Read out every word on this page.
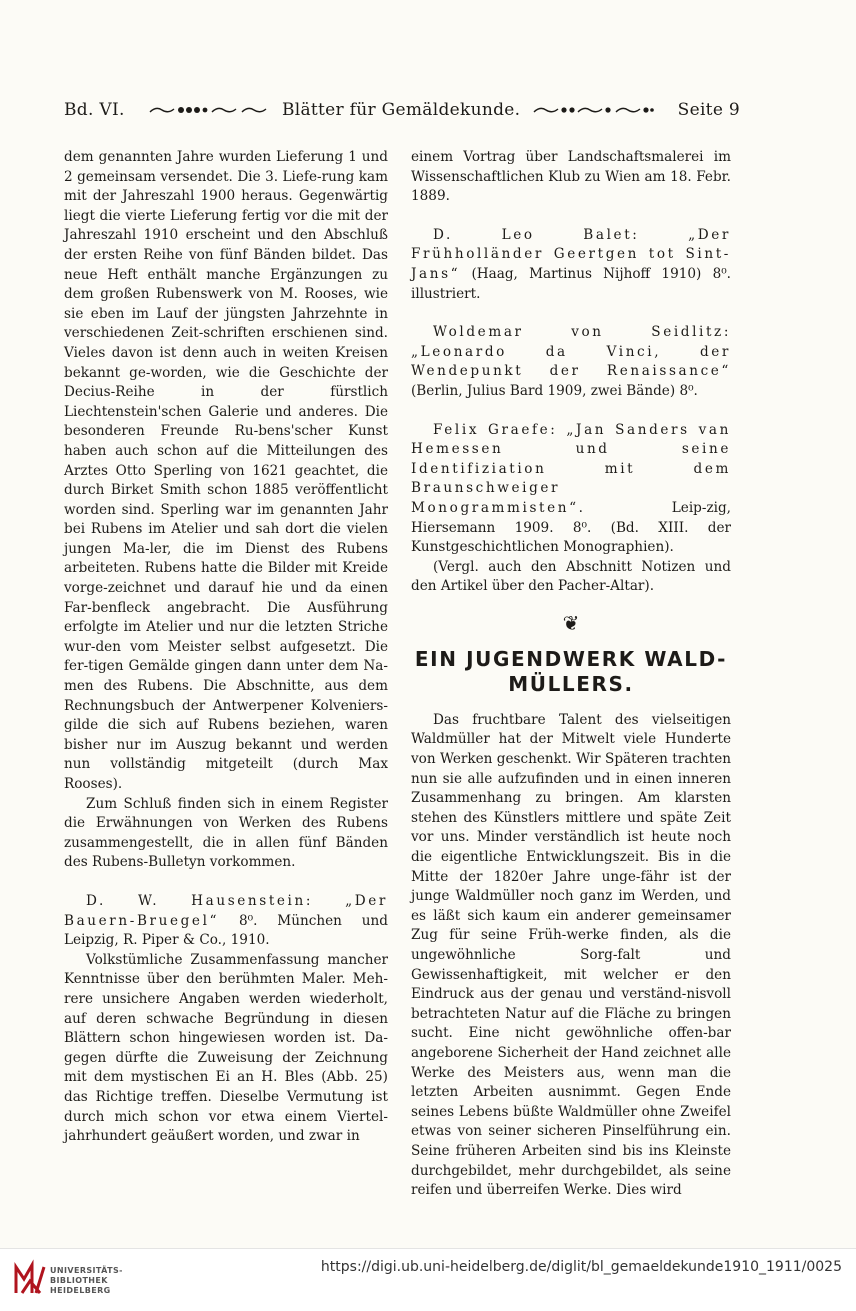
Bd. VI.	Blätter für Gemäldekunde.	Seite 9

dem genannten Jahre wurden Lieferung 1 und 2 gemeinsam versendet. Die 3. Liefe-rung kam mit der Jahreszahl 1900 heraus. Gegenwärtig liegt die vierte Lieferung fertig vor die mit der Jahreszahl 1910 erscheint und den Abschluß der ersten Reihe von fünf Bänden bildet. Das neue Heft enthält manche Ergänzungen zu dem großen Rubenswerk von M. Rooses, wie sie eben im Lauf der jüngsten Jahrzehnte in verschiedenen Zeit-schriften erschienen sind. Vieles davon ist denn auch in weiten Kreisen bekannt ge-worden, wie die Geschichte der Decius-Reihe in der fürstlich Liechtenstein'schen Galerie und anderes. Die besonderen Freunde Ru-bens'scher Kunst haben auch schon auf die Mitteilungen des Arztes Otto Sperling von 1621 geachtet, die durch Birket Smith schon 1885 veröffentlicht worden sind. Sperling war im genannten Jahr bei Rubens im Atelier und sah dort die vielen jungen Ma-ler, die im Dienst des Rubens arbeiteten. Rubens hatte die Bilder mit Kreide vorge-zeichnet und darauf hie und da einen Far-benfleck angebracht. Die Ausführung erfolgte im Atelier und nur die letzten Striche wur-den vom Meister selbst aufgesetzt. Die fer-tigen Gemälde gingen dann unter dem Na-men des Rubens. Die Abschnitte, aus dem Rechnungsbuch der Antwerpener Kolveniers-gilde die sich auf Rubens beziehen, waren bisher nur im Auszug bekannt und werden nun vollständig mitgeteilt (durch Max Rooses).

Zum Schluß finden sich in einem Register die Erwähnungen von Werken des Rubens zusammengestellt, die in allen fünf Bänden des Rubens-Bulletyn vorkommen.

D. W. Hausenstein: „Der Bauern-Bruegel“ 8⁰. München und Leipzig, R. Piper & Co., 1910.

Volkstümliche Zusammenfassung mancher Kenntnisse über den berühmten Maler. Meh-rere unsichere Angaben werden wiederholt, auf deren schwache Begründung in diesen Blättern schon hingewiesen worden ist. Da-gegen dürfte die Zuweisung der Zeichnung mit dem mystischen Ei an H. Bles (Abb. 25) das Richtige treffen. Dieselbe Vermutung ist durch mich schon vor etwa einem Viertel-jahrhundert geäußert worden, und zwar in

einem Vortrag über Landschaftsmalerei im Wissenschaftlichen Klub zu Wien am 18. Febr. 1889.

D. Leo Balet: „Der Frühholländer Geertgen tot Sint-Jans“ (Haag, Martinus Nijhoff 1910) 8⁰. illustriert.

Woldemar von Seidlitz: „Leonardo da Vinci, der Wendepunkt der Renaissance“ (Berlin, Julius Bard 1909, zwei Bände) 8⁰.

Felix Graefe: „Jan Sanders van Hemessen und seine Identifiziation mit dem Braunschweiger Monogrammisten“.	Leip-zig, Hiersemann 1909. 8⁰. (Bd. XIII. der Kunstgeschichtlichen Monographien).

(Vergl. auch den Abschnitt Notizen und den Artikel über den Pacher-Altar).

❦
EIN JUGENDWERK WALD-MÜLLERS.

Das fruchtbare Talent des vielseitigen Waldmüller hat der Mitwelt viele Hunderte von Werken geschenkt. Wir Späteren trachten nun sie alle aufzufinden und in einen inneren Zusammenhang zu bringen. Am klarsten stehen des Künstlers mittlere und späte Zeit vor uns. Minder verständlich ist heute noch die eigentliche Entwicklungszeit. Bis in die Mitte der 1820er Jahre unge-fähr ist der junge Waldmüller noch ganz im Werden, und es läßt sich kaum ein anderer gemeinsamer Zug für seine Früh-werke finden, als die ungewöhnliche Sorg-falt und Gewissenhaftigkeit, mit welcher er den Eindruck aus der genau und verständ-nisvoll betrachteten Natur auf die Fläche zu bringen sucht. Eine nicht gewöhnliche offen-bar angeborene Sicherheit der Hand zeichnet alle Werke des Meisters aus, wenn man die letzten Arbeiten ausnimmt. Gegen Ende seines Lebens büßte Waldmüller ohne Zweifel etwas von seiner sicheren Pinselführung ein. Seine früheren Arbeiten sind bis ins Kleinste durchgebildet, mehr durchgebildet, als seine reifen und überreifen Werke. Dies wird

UNIVERSITÄTS-
BIBLIOTHEK
HEIDELBERG
https://digi.ub.uni-heidelberg.de/diglit/bl_gemaeldekunde1910_1911/0025
